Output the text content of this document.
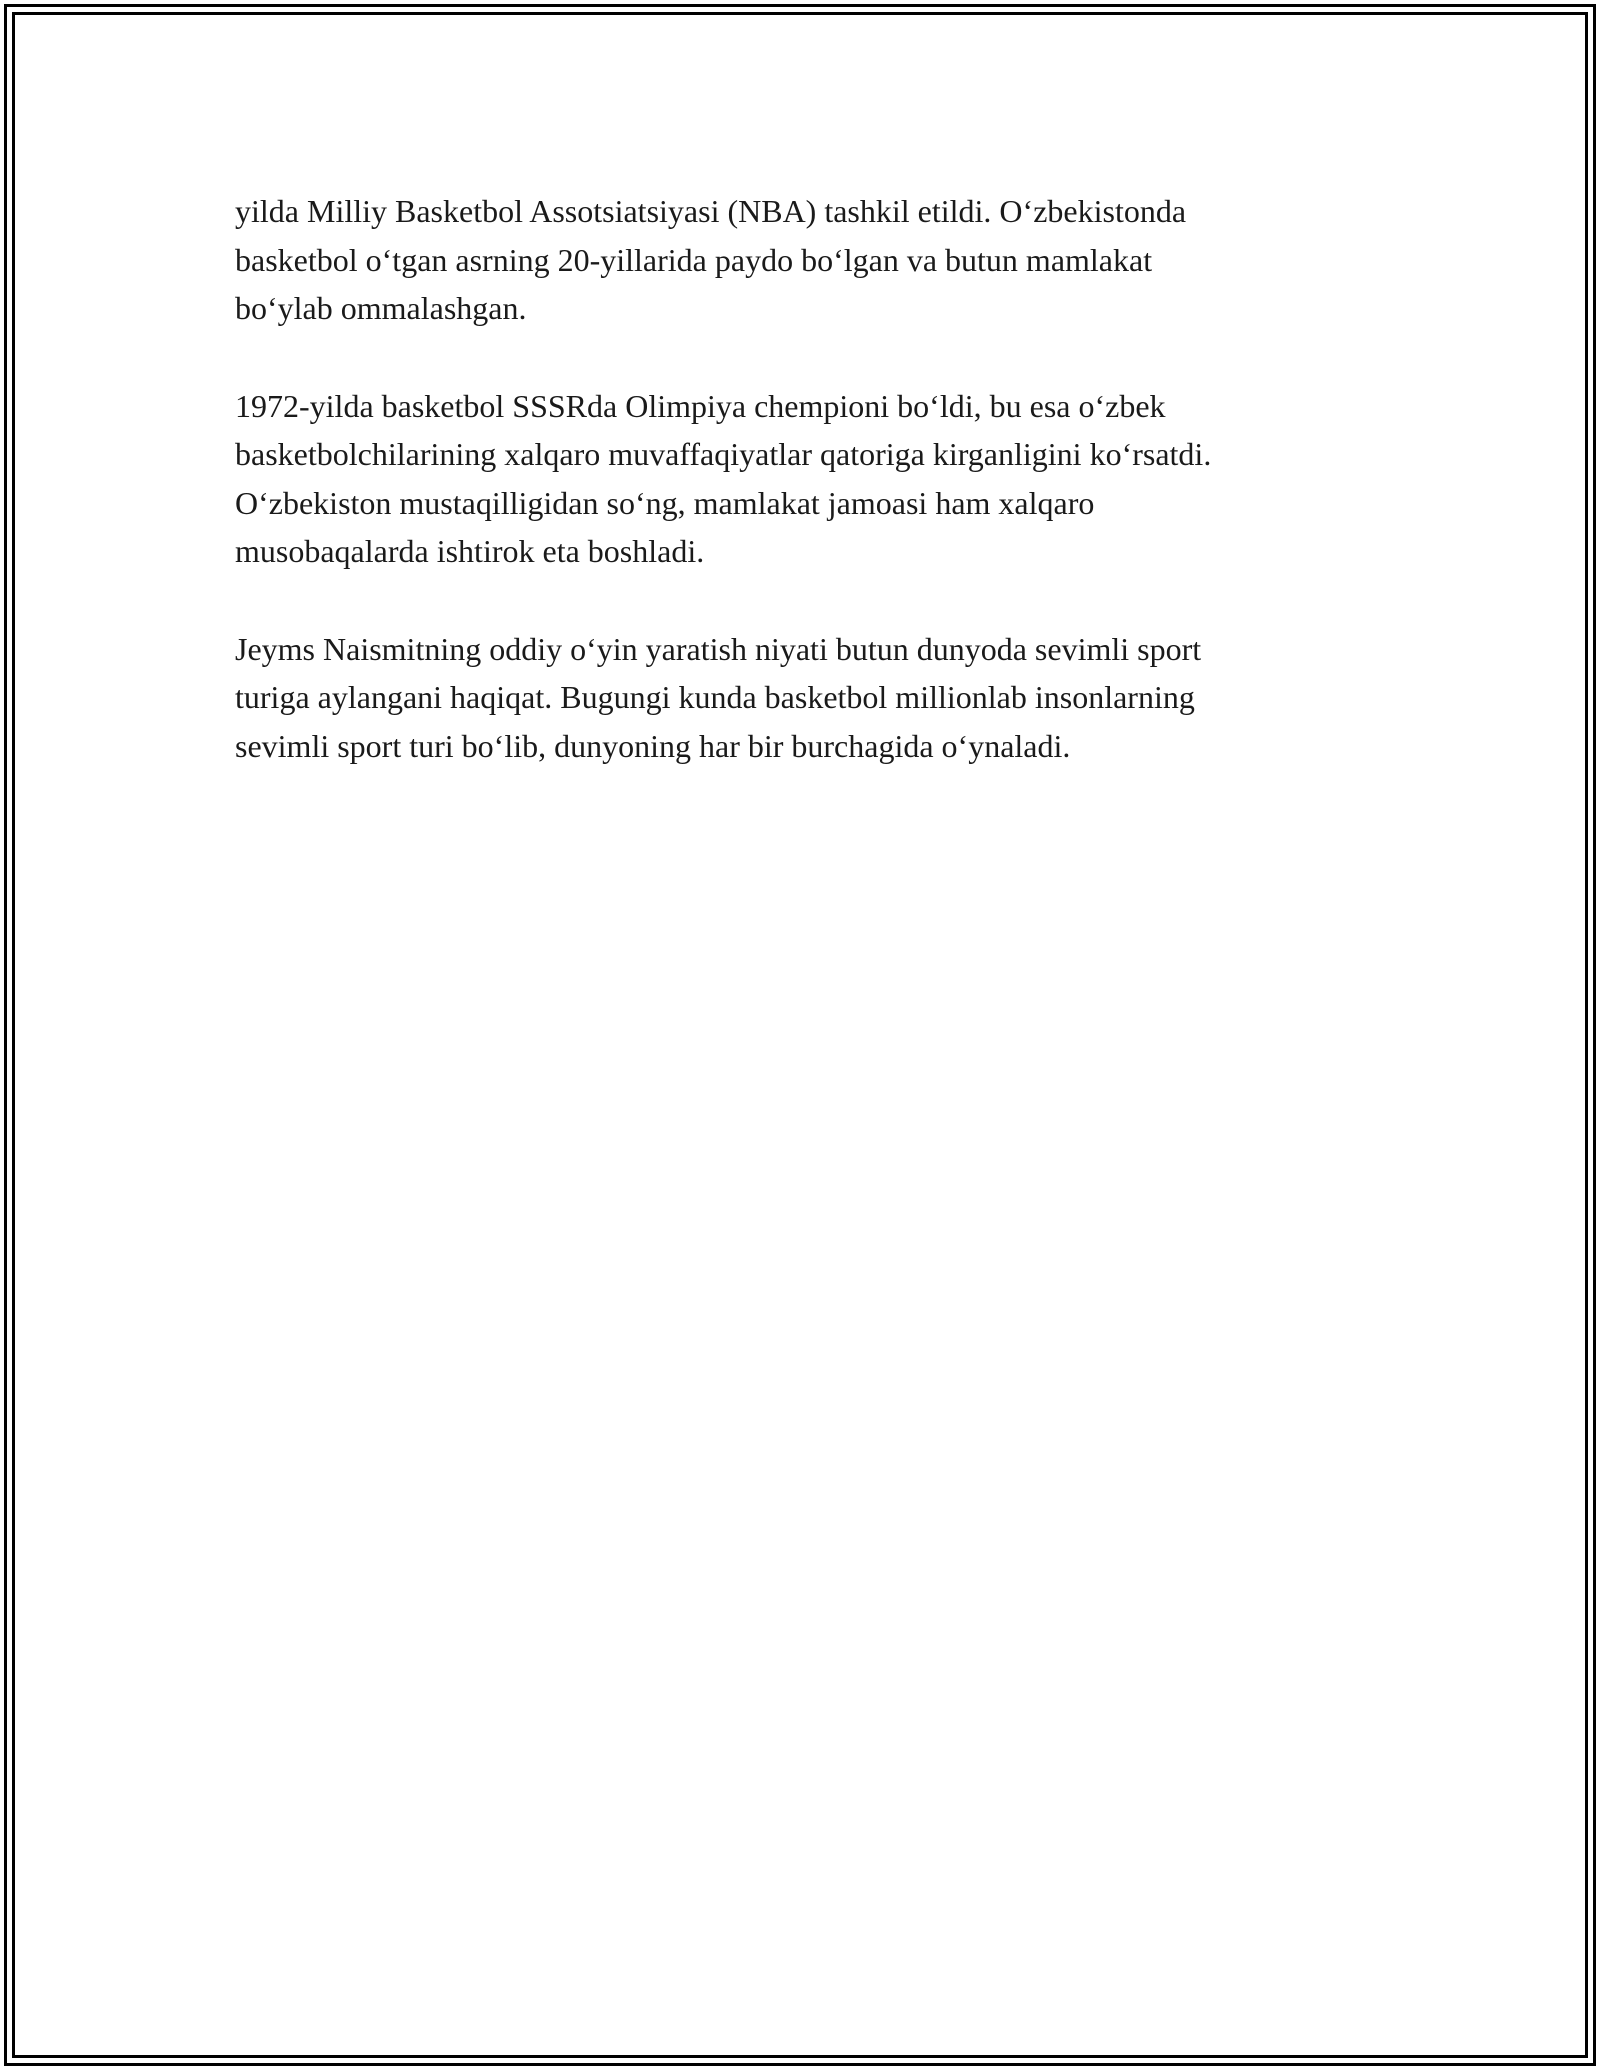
yilda Milliy Basketbol Assotsiatsiyasi (NBA) tashkil etildi. O‘zbekistonda
basketbol o‘tgan asrning 20-yillarida paydo bo‘lgan va butun mamlakat
bo‘ylab ommalashgan.

1972-yilda basketbol SSSRda Olimpiya chempioni bo‘ldi, bu esa o‘zbek
basketbolchilarining xalqaro muvaffaqiyatlar qatoriga kirganligini ko‘rsatdi.
O‘zbekiston mustaqilligidan so‘ng, mamlakat jamoasi ham xalqaro
musobaqalarda ishtirok eta boshladi.

Jeyms Naismitning oddiy o‘yin yaratish niyati butun dunyoda sevimli sport
turiga aylangani haqiqat. Bugungi kunda basketbol millionlab insonlarning
sevimli sport turi bo‘lib, dunyoning har bir burchagida o‘ynaladi.
